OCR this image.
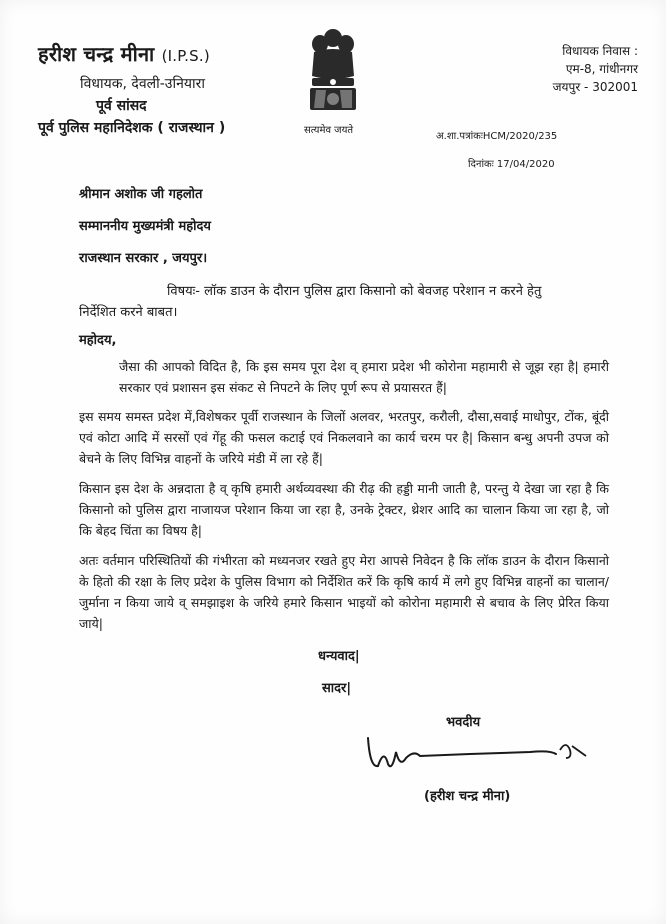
हरीश चन्द्र मीना (I.P.S.)
विधायक, देवली-उनियारा
पूर्व सांसद
पूर्व पुलिस महानिदेशक ( राजस्थान )	सत्यमेव जयते
विधायक निवास :
एम-8, गांधीनगर
जयपुर - 302001
अ.शा.पत्रांकःHCM/2020/235
दिनांकः 17/04/2020
श्रीमान अशोक जी गहलोत
सम्माननीय मुख्यमंत्री महोदय
राजस्थान सरकार , जयपुर।
विषयः- लॉक डाउन के दौरान पुलिस द्वारा किसानो को बेवजह परेशान न करने हेतु
निर्देशित करने बाबत।
महोदय,
जैसा की आपको विदित है, कि इस समय पूरा देश व् हमारा प्रदेश भी कोरोना महामारी से जूझ रहा है| हमारी सरकार एवं प्रशासन इस संकट से निपटने के लिए पूर्ण रूप से प्रयासरत हैं|
इस समय समस्त प्रदेश में,विशेषकर पूर्वी राजस्थान के जिलों अलवर, भरतपुर, करौली, दौसा,सवाई माधोपुर, टोंक, बूंदी एवं कोटा आदि में सरसों एवं गेंहू की फसल कटाई एवं निकलवाने का कार्य चरम पर है| किसान बन्धु अपनी उपज को बेचने के लिए विभिन्न वाहनों के जरिये मंडी में ला रहे हैं|
किसान इस देश के अन्नदाता है व् कृषि हमारी अर्थव्यवस्था की रीढ़ की हड्डी मानी जाती है, परन्तु ये देखा जा रहा है कि किसानो को पुलिस द्वारा नाजायज परेशान किया जा रहा है, उनके ट्रेक्टर, थ्रेशर आदि का चालान किया जा रहा है, जो कि बेहद चिंता का विषय है|
अतः वर्तमान परिस्थितियों की गंभीरता को मध्यनजर रखते हुए मेरा आपसे निवेदन है कि लॉक डाउन के दौरान किसानो के हितो की रक्षा के लिए प्रदेश के पुलिस विभाग को निर्देशित करें कि कृषि कार्य में लगे हुए विभिन्न वाहनों का चालान/जुर्माना न किया जाये व् समझाइश के जरिये हमारे किसान भाइयों को कोरोना महामारी से बचाव के लिए प्रेरित किया जाये|
धन्यवाद|
सादर|
भवदीय
(हरीश चन्द्र मीना)
